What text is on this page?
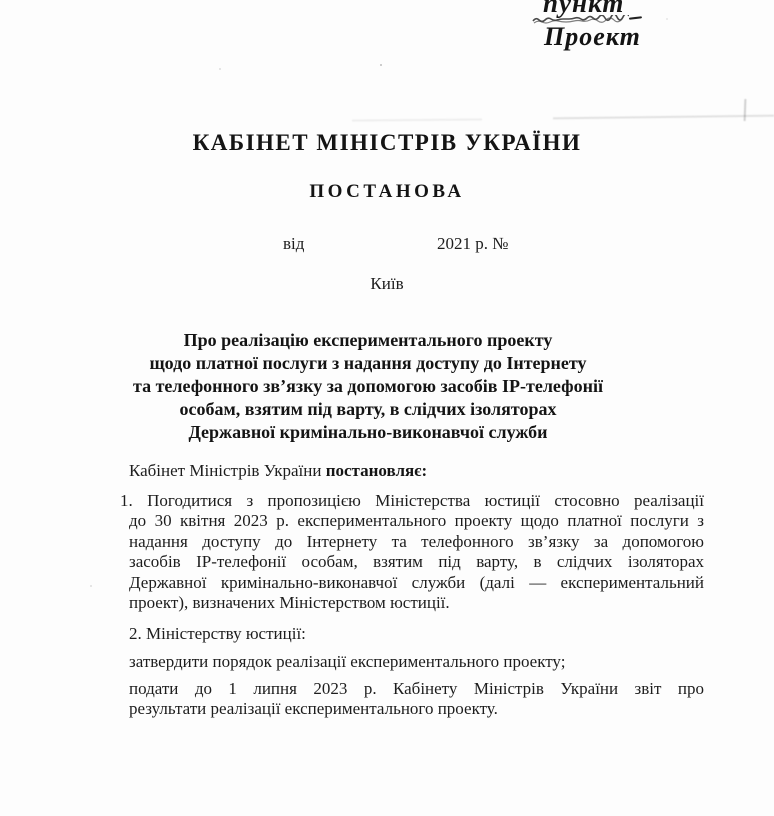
пункт
Проект
КАБІНЕТ МІНІСТРІВ УКРАЇНИ
ПОСТАНОВА
від	2021 р. №
Київ
Про реалізацію експериментального проекту
щодо платної послуги з надання доступу до Інтернету
та телефонного зв’язку за допомогою засобів IP-телефонії
особам, взятим під варту, в слідчих ізоляторах
Державної кримінально-виконавчої служби

Кабінет Міністрів України постановляє:

1. Погодитися з пропозицією Міністерства юстиції стосовно реалізації
до 30 квітня 2023 р. експериментального проекту щодо платної послуги з
надання доступу до Інтернету та телефонного зв’язку за допомогою
засобів IP-телефонії особам, взятим під варту, в слідчих ізоляторах
Державної кримінально-виконавчої служби (далі — експериментальний
проект), визначених Міністерством юстиції.

2. Міністерству юстиції:

затвердити порядок реалізації експериментального проекту;

подати до 1 липня 2023 р. Кабінету Міністрів України звіт про
результати реалізації експериментального проекту.
